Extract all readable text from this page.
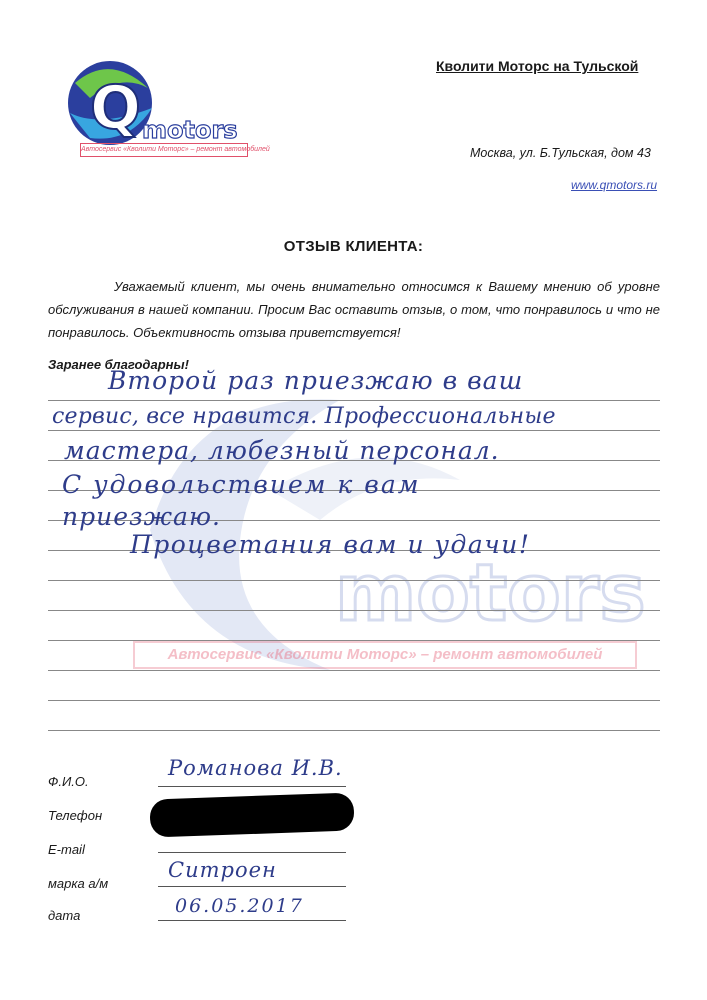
Q motors
Автосервис «Кволити Моторс» – ремонт автомобилей
Кволити Моторс на Тульской
Москва, ул. Б.Тульская, дом 43
www.qmotors.ru
ОТЗЫВ КЛИЕНТА:
Уважаемый клиент, мы очень внимательно относимся к Вашему мнению об уровне обслуживания в нашей компании. Просим Вас оставить отзыв, о том, что понравилось и что не понравилось. Объективность отзыва приветствуется!
Заранее благодарны!
motors
Автосервис «Кволити Моторс» – ремонт автомобилей
Второй раз приезжаю в ваш
сервис, все нравится. Профессиональные
мастера, любезный персонал.
С удовольствием к вам
приезжаю.
Процветания вам и удачи!
Ф.И.О.
Романова И.В.
Телефон
E-mail
марка а/м
Ситроен
дата	06.05.2017
